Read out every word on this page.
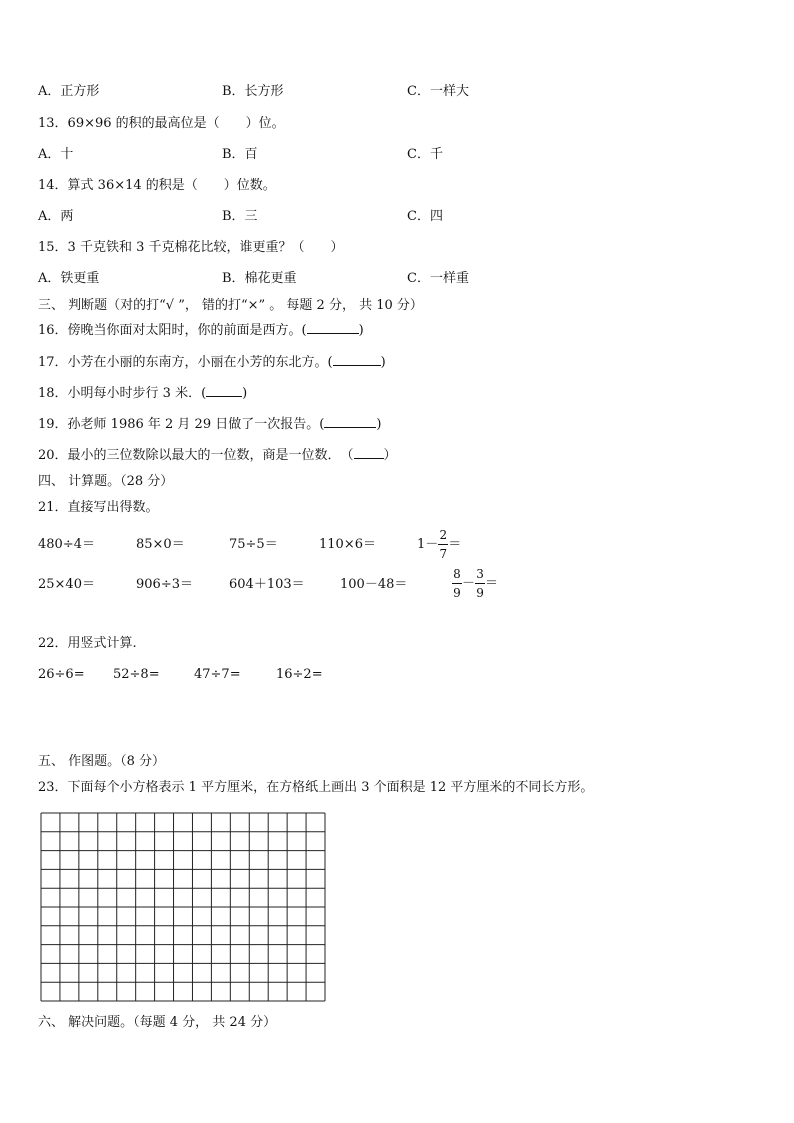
A．正方形	B．长方形	C．一样大
13．69×96 的积的最高位是（　　）位。
A．十	B．百	C．千
14．算式 36×14 的积是（　　）位数。
A．两	B．三	C．四
15．3 千克铁和 3 千克棉花比较，谁更重？（　　）
A．铁更重	B．棉花更重	C．一样重
三、 判断题（对的打“√ ”， 错的打“×” 。 每题 2 分， 共 10 分）
16．傍晚当你面对太阳时，你的前面是西方。(	)
17．小芳在小丽的东南方，小丽在小芳的东北方。(	)
18．小明每小时步行 3 米．(	)
19．孙老师 1986 年 2 月 29 日做了一次报告。(	)
20．最小的三位数除以最大的一位数，商是一位数．　（ ）
四、 计算题。（28 分）
21．直接写出得数。
480÷4＝	85×0＝	75÷5＝	110×6＝	$1- \frac{2}{7}$ ＝
25×40＝	906÷3＝	604＋103＝	100－48＝	$\frac{8}{9} - \frac{3}{9}$ ＝
22．用竖式计算.
26÷6= 52÷8=	47÷7=	16÷2=
五、 作图题。（8 分）
23．下面每个小方格表示 1 平方厘米，在方格纸上画出 3 个面积是 12 平方厘米的不同长方形。
六、 解决问题。（每题 4 分， 共 24 分）
